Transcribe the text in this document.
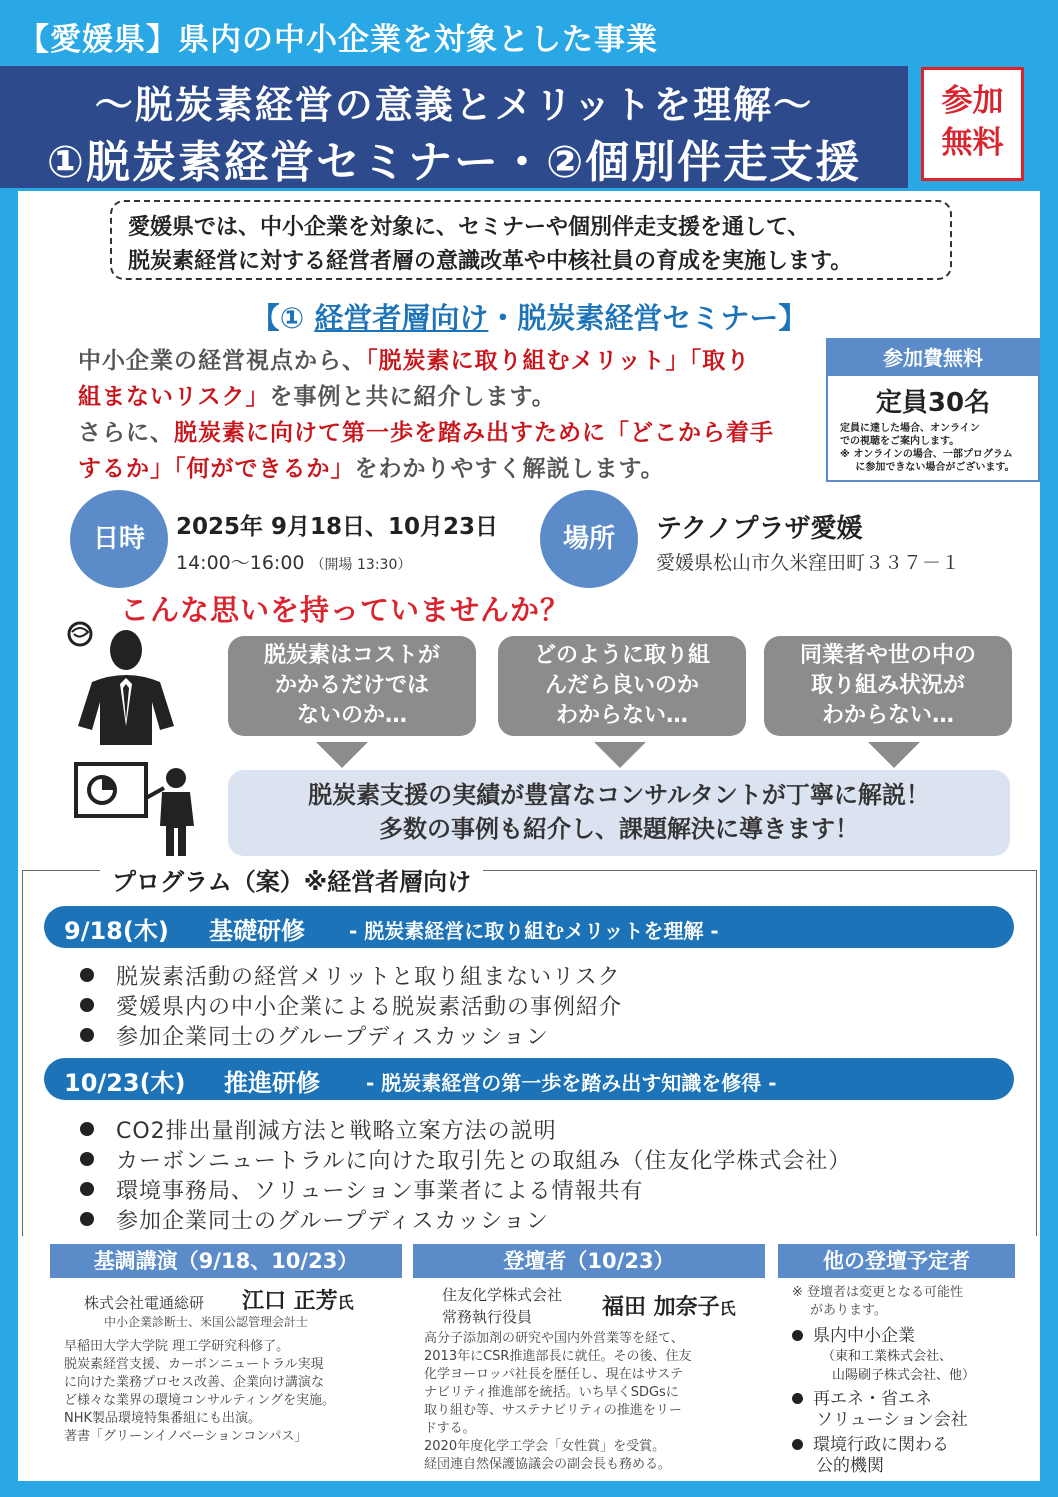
【愛媛県】県内の中小企業を対象とした事業
～脱炭素経営の意義とメリットを理解～
①脱炭素経営セミナー・②個別伴走支援
参加
無料
愛媛県では、中小企業を対象に、セミナーや個別伴走支援を通して、
脱炭素経営に対する経営者層の意識改革や中核社員の育成を実施します。
【① 経営者層向け・脱炭素経営セミナー】
中小企業の経営視点から、「脱炭素に取り組むメリット」「取り
組まないリスク」を事例と共に紹介します。
さらに、脱炭素に向けて第一歩を踏み出すために「どこから着手
するか」「何ができるか」をわかりやすく解説します。
参加費無料
定員30名
定員に達した場合、オンライン
での視聴をご案内します。
※ オンラインの場合、一部プログラム
に参加できない場合がございます。
日時	2025年 9月18日、10月23日
14:00～16:00 （開場 13:30）
場所	テクノプラザ愛媛
愛媛県松山市久米窪田町３３７－１
こんな思いを持っていませんか？
脱炭素はコストが
かかるだけでは
ないのか…
どのように取り組
んだら良いのか
わからない…
同業者や世の中の
取り組み状況が
わからない…
脱炭素支援の実績が豊富なコンサルタントが丁寧に解説！
多数の事例も紹介し、課題解決に導きます！
プログラム（案）※経営者層向け
9/18(木) 基礎研修 - 脱炭素経営に取り組むメリットを理解 -
脱炭素活動の経営メリットと取り組まないリスク
愛媛県内の中小企業による脱炭素活動の事例紹介
参加企業同士のグループディスカッション
10/23(木) 推進研修 - 脱炭素経営の第一歩を踏み出す知識を修得 -
CO2排出量削減方法と戦略立案方法の説明
カーボンニュートラルに向けた取引先との取組み（住友化学株式会社）
環境事務局、ソリューション事業者による情報共有
参加企業同士のグループディスカッション
基調講演（9/18、10/23）
株式会社電通総研 江口 正芳氏
中小企業診断士、米国公認管理会計士
早稲田大学大学院 理工学研究科修了。
脱炭素経営支援、カーボンニュートラル実現
に向けた業務プロセス改善、企業向け講演な
ど様々な業界の環境コンサルティングを実施。
NHK製品環境特集番組にも出演。
著書「グリーンイノベーションコンパス」
登壇者（10/23）
住友化学株式会社
常務執行役員	福田 加奈子氏
高分子添加剤の研究や国内外営業等を経て、
2013年にCSR推進部長に就任。その後、住友
化学ヨーロッパ社長を歴任し、現在はサステ
ナビリティ推進部を統括。いち早くSDGsに
取り組む等、サステナビリティの推進をリー
ドする。
2020年度化学工学会「女性賞」を受賞。
経団連自然保護協議会の副会長も務める。
他の登壇予定者
※ 登壇者は変更となる可能性
があります。
県内中小企業
（東和工業株式会社、
山陽刷子株式会社、他）
再エネ・省エネ
ソリューション会社
環境行政に関わる
公的機関
